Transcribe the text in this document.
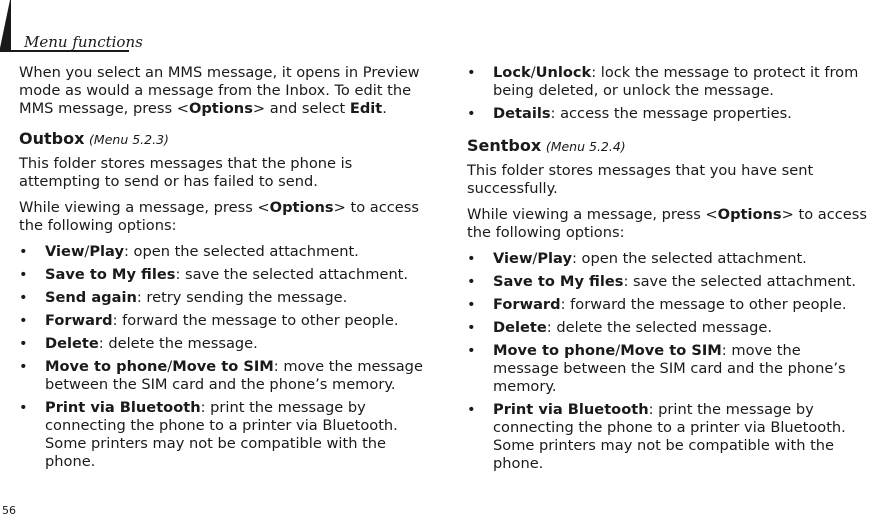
Menu functions
56

When you select an MMS message, it opens in Preview mode as would a message from the Inbox. To edit the MMS message, press <Options> and select Edit.

Outbox (Menu 5.2.3)

This folder stores messages that the phone is attempting to send or has failed to send.

While viewing a message, press <Options> to access the following options:

• View/Play: open the selected attachment.
• Save to My files: save the selected attachment.
• Send again: retry sending the message.
• Forward: forward the message to other people.
• Delete: delete the message.
• Move to phone/Move to SIM: move the message between the SIM card and the phone’s memory.
• Print via Bluetooth: print the message by connecting the phone to a printer via Bluetooth. Some printers may not be compatible with the phone.
• Lock/Unlock: lock the message to protect it from being deleted, or unlock the message.
• Details: access the message properties.
Sentbox (Menu 5.2.4)

This folder stores messages that you have sent successfully.

While viewing a message, press <Options> to access the following options:

• View/Play: open the selected attachment.
• Save to My files: save the selected attachment.
• Forward: forward the message to other people.
• Delete: delete the selected message.
• Move to phone/Move to SIM: move the message between the SIM card and the phone’s memory.
• Print via Bluetooth: print the message by connecting the phone to a printer via Bluetooth. Some printers may not be compatible with the phone.
